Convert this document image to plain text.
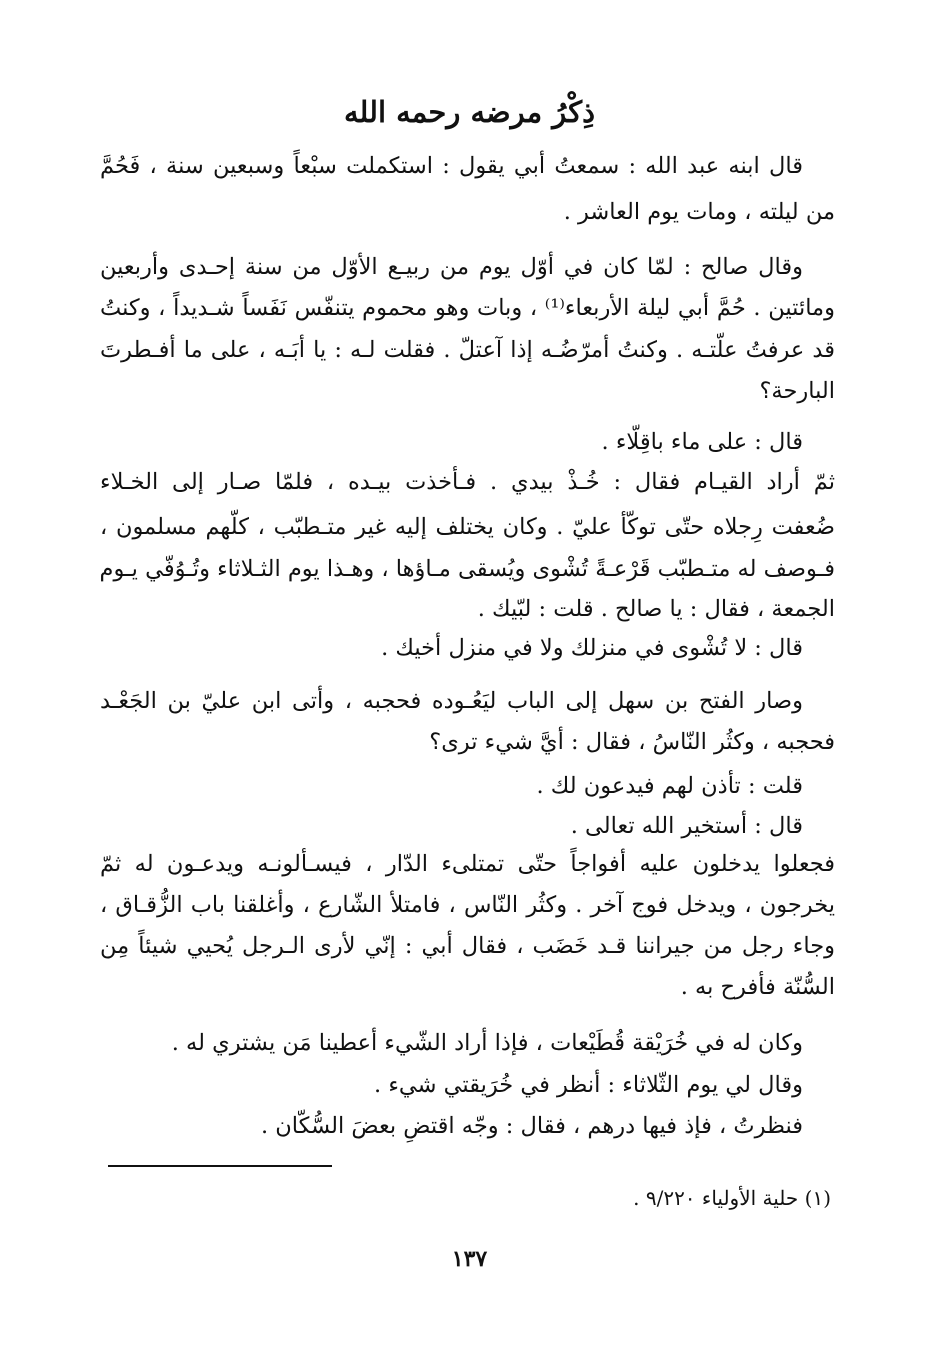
ذِكْرُ مرضه رحمه الله
قال ابنه عبد الله : سمعتُ أبي يقول : استكملت سبْعاً وسبعين سنة ، فَحُمَّ
من ليلته ، ومات يوم العاشر .
وقال صالح : لمّا كان في أوّل يوم من ربيـع الأوّل من سنة إحـدى وأربعين
ومائتين . حُمَّ أبي ليلة الأربعاء⁽¹⁾ ، وبات وهو محموم يتنفّس نَفَساً شـديداً ، وكنتُ
قد عرفتُ علّتـه . وكنتُ أمرّضُـه إذا آعتلّ . فقلت لـه : يا أبَـه ، على ما أفـطرتَ
البارحة؟
قال : على ماء باقِلّاء .
ثمّ أراد القيـام فقال : خُـذْ بيدي . فـأخذت بيـده ، فلمّا صـار إلى الخـلاء
ضُعفت رِجلاه حتّى توكّأ عليّ . وكان يختلف إليه غير متـطبّب ، كلّهم مسلمون ،
فـوصف له متـطبّب قَرْعـةً تُشْوى ويُسقى مـاؤها ، وهـذا يوم الثـلاثاء وتُـوُفّي يـوم
الجمعة ، فقال : يا صالح . قلت : لبّيك .
قال : لا تُشْوى في منزلك ولا في منزل أخيك .
وصار الفتح بن سهل إلى الباب ليَعُـوده فحجبه ، وأتى ابن عليّ بن الجَعْـد
فحجبه ، وكثُر النّاسُ ، فقال : أيَّ شيء ترى؟
قلت : تأذن لهم فيدعون لك .
قال : أستخير الله تعالى .
فجعلوا يدخلون عليه أفواجاً حتّى تمتلىء الدّار ، فيسـألونـه ويدعـون له ثمّ
يخرجون ، ويدخل فوج آخر . وكثُر النّاس ، فامتلأ الشّارع ، وأغلقنا باب الزُّقـاق ،
وجاء رجل من جيراننا قـد خَضَب ، فقال أبي : إنّي لأرى الـرجل يُحيي شيئاً مِن
السُّنّة فأفرح به .
وكان له في خُرَيْقة قُطَيْعات ، فإذا أراد الشّيء أعطينا مَن يشتري له .
وقال لي يوم الثّلاثاء : أنظر في خُرَيقتي شيء .
فنظرتُ ، فإذ فيها درهم ، فقال : وجّه اقتضِ بعضَ السُّكّان .
(١) حلية الأولياء ٩/٢٢٠ .
١٣٧
